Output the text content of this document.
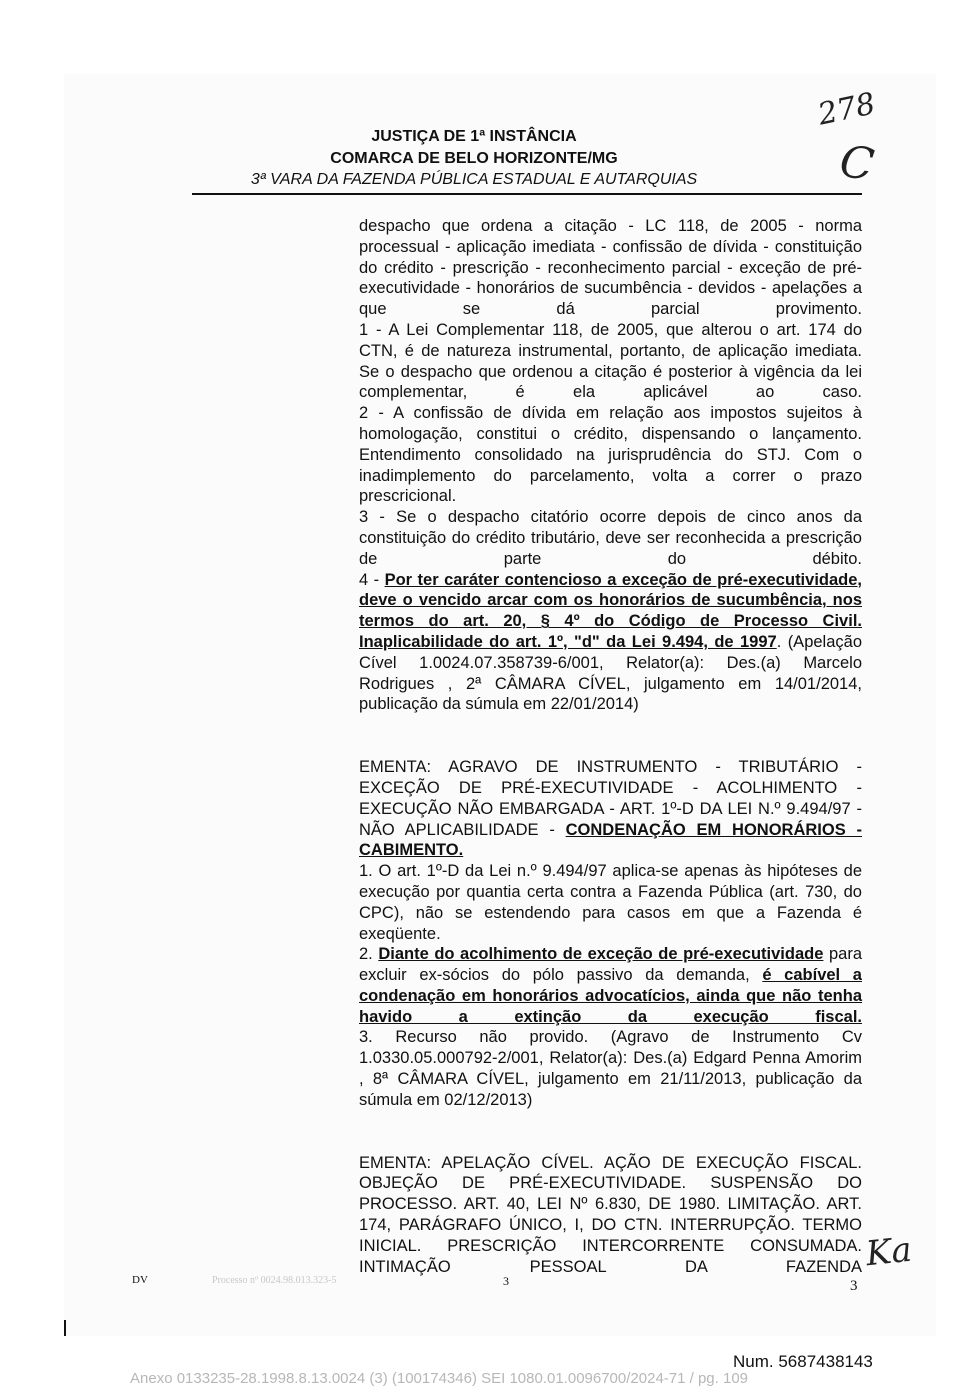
JUSTIÇA DE 1ª INSTÂNCIA
COMARCA DE BELO HORIZONTE/MG
3ª VARA DA FAZENDA PÚBLICA ESTADUAL E AUTARQUIAS
278
C
Ka

despacho que ordena a citação - LC 118, de 2005 - norma processual - aplicação imediata - confissão de dívida - constituição do crédito - prescrição - reconhecimento parcial - exceção de pré-executividade - honorários de sucumbência - devidos - apelações a que se dá parcial provimento.

1 - A Lei Complementar 118, de 2005, que alterou o art. 174 do CTN, é de natureza instrumental, portanto, de aplicação imediata. Se o despacho que ordenou a citação é posterior à vigência da lei complementar, é ela aplicável ao caso.

2 - A confissão de dívida em relação aos impostos sujeitos à homologação, constitui o crédito, dispensando o lançamento. Entendimento consolidado na jurisprudência do STJ. Com o inadimplemento do parcelamento, volta a correr o prazo prescricional.

3 - Se o despacho citatório ocorre depois de cinco anos da constituição do crédito tributário, deve ser reconhecida a prescrição de parte do débito.

4 - Por ter caráter contencioso a exceção de pré-executividade, deve o vencido arcar com os honorários de sucumbência, nos termos do art. 20, § 4º do Código de Processo Civil. Inaplicabilidade do art. 1º, "d" da Lei 9.494, de 1997. (Apelação Cível 1.0024.07.358739-6/001, Relator(a): Des.(a) Marcelo Rodrigues , 2ª CÂMARA CÍVEL, julgamento em 14/01/2014, publicação da súmula em 22/01/2014)

EMENTA: AGRAVO DE INSTRUMENTO - TRIBUTÁRIO - EXCEÇÃO DE PRÉ-EXECUTIVIDADE - ACOLHIMENTO - EXECUÇÃO NÃO EMBARGADA - ART. 1º-D DA LEI N.º 9.494/97 - NÃO APLICABILIDADE - CONDENAÇÃO EM HONORÁRIOS - CABIMENTO.

1. O art. 1º-D da Lei n.º 9.494/97 aplica-se apenas às hipóteses de execução por quantia certa contra a Fazenda Pública (art. 730, do CPC), não se estendendo para casos em que a Fazenda é exeqüente.

2. Diante do acolhimento de exceção de pré-executividade para excluir ex-sócios do pólo passivo da demanda, é cabível a condenação em honorários advocatícios, ainda que não tenha havido a extinção da execução fiscal.

3. Recurso não provido. (Agravo de Instrumento Cv 1.0330.05.000792-2/001, Relator(a): Des.(a) Edgard Penna Amorim , 8ª CÂMARA CÍVEL, julgamento em 21/11/2013, publicação da súmula em 02/12/2013)

EMENTA: APELAÇÃO CÍVEL. AÇÃO DE EXECUÇÃO FISCAL. OBJEÇÃO DE PRÉ-EXECUTIVIDADE. SUSPENSÃO DO PROCESSO. ART. 40, LEI Nº 6.830, DE 1980. LIMITAÇÃO. ART. 174, PARÁGRAFO ÚNICO, I, DO CTN. INTERRUPÇÃO. TERMO INICIAL. PRESCRIÇÃO INTERCORRENTE CONSUMADA. INTIMAÇÃO PESSOAL DA FAZENDA

DV	Processo nº 0024.98.013.323-5	3	3
Num. 5687438143
Anexo 0133235-28.1998.8.13.0024 (3) (100174346) SEI 1080.01.0096700/2024-71 / pg. 109
